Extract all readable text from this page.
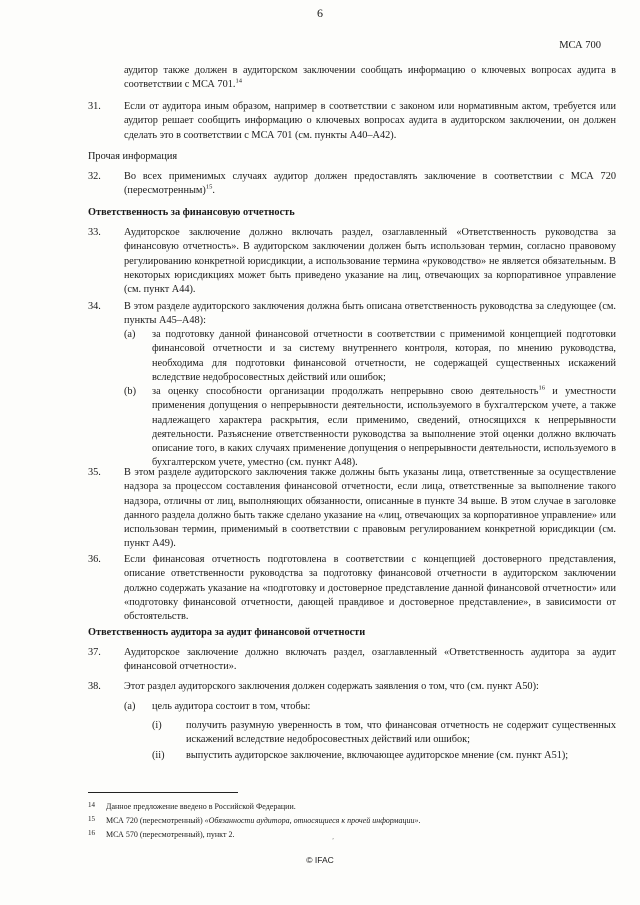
6
МСА 700
аудитор также должен в аудиторском заключении сообщать информацию о ключевых вопросах аудита в соответствии с МСА 701.14
31. Если от аудитора иным образом, например в соответствии с законом или нормативным актом, требуется или аудитор решает сообщить информацию о ключевых вопросах аудита в аудиторском заключении, он должен сделать это в соответствии с МСА 701 (см. пункты А40–А42).
Прочая информация
32. Во всех применимых случаях аудитор должен предоставлять заключение в соответствии с МСА 720 (пересмотренным)$^{15}$.
Ответственность за финансовую отчетность
33. Аудиторское заключение должно включать раздел, озаглавленный «Ответственность руководства за финансовую отчетность». В аудиторском заключении должен быть использован термин, согласно правовому регулированию конкретной юрисдикции, а использование термина «руководство» не является обязательным. В некоторых юрисдикциях может быть приведено указание на лиц, отвечающих за корпоративное управление (см. пункт А44).
34. В этом разделе аудиторского заключения должна быть описана ответственность руководства за следующее (см. пункты А45–А48):
(a) за подготовку данной финансовой отчетности в соответствии с применимой концепцией подготовки финансовой отчетности и за систему внутреннего контроля, которая, по мнению руководства, необходима для подготовки финансовой отчетности, не содержащей существенных искажений вследствие недобросовестных действий или ошибок;
(b) за оценку способности организации продолжать непрерывно свою деятельность$^{16}$ и уместности применения допущения о непрерывности деятельности, используемого в бухгалтерском учете, а также надлежащего характера раскрытия, если применимо, сведений, относящихся к непрерывности деятельности. Разъяснение ответственности руководства за выполнение этой оценки должно включать описание того, в каких случаях применение допущения о непрерывности деятельности, используемого в бухгалтерском учете, уместно (см. пункт А48).
35. В этом разделе аудиторского заключения также должны быть указаны лица, ответственные за осуществление надзора за процессом составления финансовой отчетности, если лица, ответственные за выполнение такого надзора, отличны от лиц, выполняющих обязанности, описанные в пункте 34 выше. В этом случае в заголовке данного раздела должно быть также сделано указание на «лиц, отвечающих за корпоративное управление» или использован термин, применимый в соответствии с правовым регулированием конкретной юрисдикции (см. пункт А49).
36. Если финансовая отчетность подготовлена в соответствии с концепцией достоверного представления, описание ответственности руководства за подготовку финансовой отчетности в аудиторском заключении должно содержать указание на «подготовку и достоверное представление данной финансовой отчетности» или «подготовку финансовой отчетности, дающей правдивое и достоверное представление», в зависимости от обстоятельств.
Ответственность аудитора за аудит финансовой отчетности
37. Аудиторское заключение должно включать раздел, озаглавленный «Ответственность аудитора за аудит финансовой отчетности».
38. Этот раздел аудиторского заключения должен содержать заявления о том, что (см. пункт А50):
(a) цель аудитора состоит в том, чтобы:
(i) получить разумную уверенность в том, что финансовая отчетность не содержит существенных искажений вследствие недобросовестных действий или ошибок;
(ii) выпустить аудиторское заключение, включающее аудиторское мнение (см. пункт А51);
14 Данное предложение введено в Российской Федерации.
15 МСА 720 (пересмотренный) «Обязанности аудитора, относящиеся к прочей информации».
16 МСА 570 (пересмотренный), пункт 2.
’
© IFAC
